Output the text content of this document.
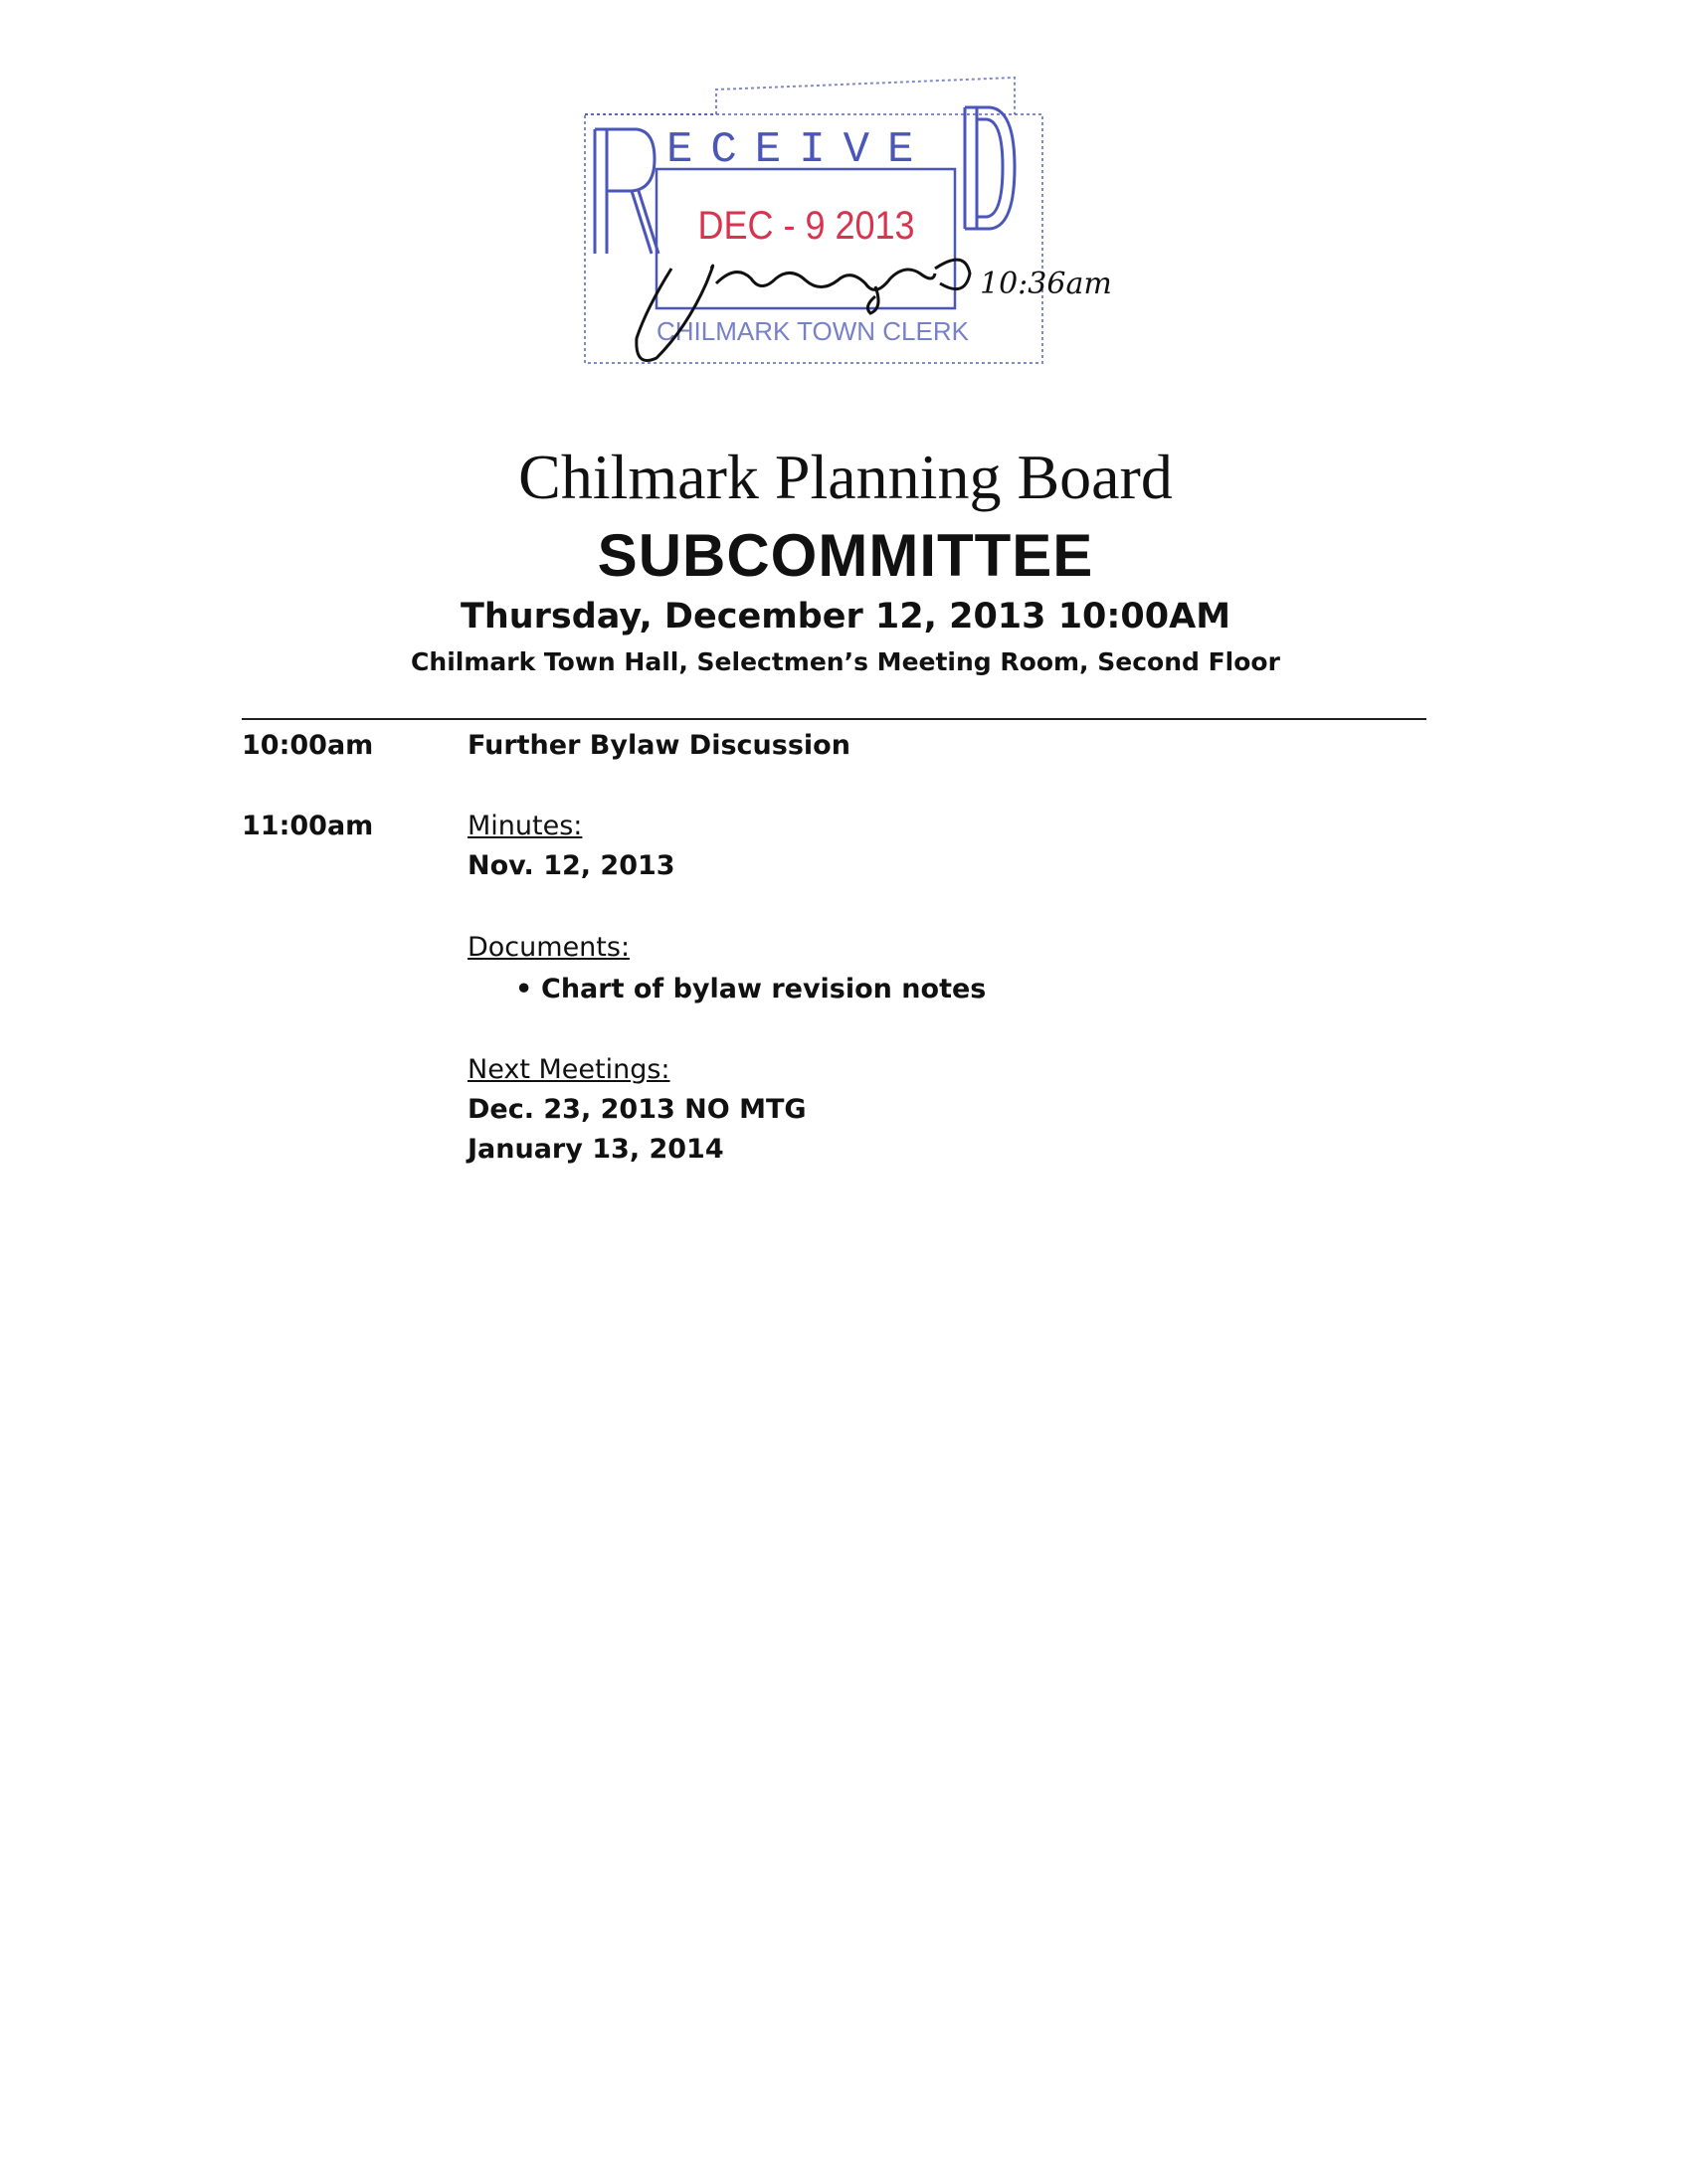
ECEIVE
DEC - 9 2013
CHILMARK TOWN CLERK
10:36am
Chilmark Planning Board
SUBCOMMITTEE
Thursday, December 12, 2013 10:00AM
Chilmark Town Hall, Selectmen’s Meeting Room, Second Floor
10:00am	Further Bylaw Discussion
11:00am	Minutes:
Nov. 12, 2013
Documents:
• Chart of bylaw revision notes
Next Meetings:
Dec. 23, 2013 NO MTG
January 13, 2014
